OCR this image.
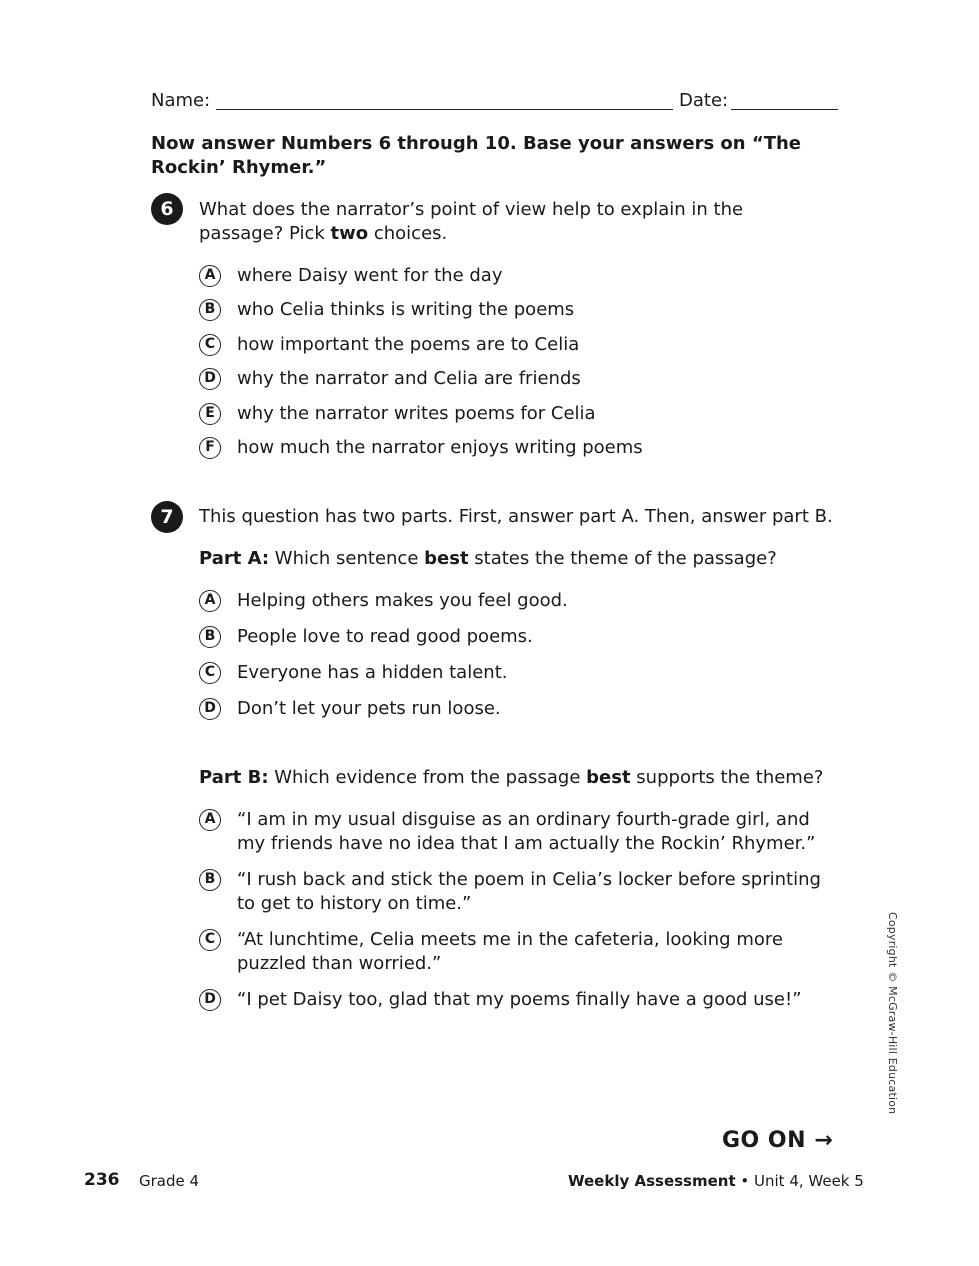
Name:	Date:
Now answer Numbers 6 through 10. Base your answers on “The Rockin’ Rhymer.”
6	What does the narrator’s point of view help to explain in the passage? Pick two choices.
A	where Daisy went for the day
B	who Celia thinks is writing the poems
C	how important the poems are to Celia
D why the narrator and Celia are friends
E	why the narrator writes poems for Celia
F	how much the narrator enjoys writing poems
7	This question has two parts. First, answer part A. Then, answer part B.
Part A: Which sentence best states the theme of the passage?
A	Helping others makes you feel good.
B	People love to read good poems.
C	Everyone has a hidden talent.
D Don’t let your pets run loose.
Part B: Which evidence from the passage best supports the theme?
A	“I am in my usual disguise as an ordinary fourth-grade girl, and my friends have no idea that I am actually the Rockin’ Rhymer.”
B	“I rush back and stick the poem in Celia’s locker before sprinting to get to history on time.”
C	“At lunchtime, Celia meets me in the cafeteria, looking more puzzled than worried.”
D “I pet Daisy too, glad that my poems finally have a good use!”	Copyright © McGraw-Hill Education
GO ON →
236 Grade 4	Weekly Assessment • Unit 4, Week 5
